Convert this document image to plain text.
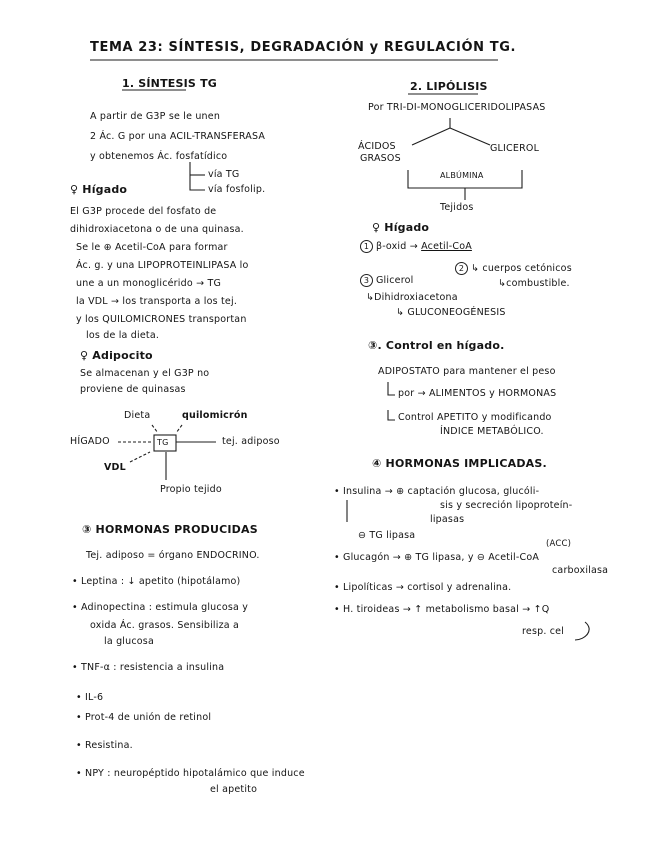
TEMA 23: SÍNTESIS, DEGRADACIÓN y REGULACIÓN TG.
1. SÍNTESIS TG
A partir de G3P se le unen
2 Ác. G por una ACIL-TRANSFERASA
y obtenemos Ác. fosfatídico
vía TG
vía fosfolip.
♀ Hígado
El G3P procede del fosfato de
dihidroxiacetona o de una quinasa.
Se le ⊕ Acetil-CoA para formar
Ác. g. y una LIPOPROTEINLIPASA lo
une a un monoglicérido → TG
la VDL → los transporta a los tej.
y los QUILOMICRONES transportan
los de la dieta.
♀ Adipocito
Se almacenan y el G3P no
proviene de quinasas
Dieta	quilomicrón
HÍGADO	TG	tej. adiposo
VDL
Propio tejido
③ HORMONAS PRODUCIDAS
Tej. adiposo = órgano ENDOCRINO.
• Leptina : ↓ apetito (hipotálamo)
• Adinopectina : estimula glucosa y
oxida Ác. grasos. Sensibiliza a
la glucosa
• TNF-α : resistencia a insulina
• IL-6
• Prot-4 de unión de retinol
• Resistina.
• NPY : neuropéptido hipotalámico que induce
el apetito
2. LIPÓLISIS
Por TRI-DI-MONOGLICERIDOLIPASAS
ÁCIDOS
GRASOS
GLICEROL
ALBÚMINA
Tejidos
♀ Hígado
1 β-oxid → Acetil-CoA
2 ↳ cuerpos cetónicos
↳combustible.
3 Glicerol
↳Dihidroxiacetona
↳ GLUCONEOGÉNESIS
③. Control en hígado.
ADIPOSTATO para mantener el peso
por → ALIMENTOS y HORMONAS
Control APETITO y modificando
ÍNDICE METABÓLICO.
④ HORMONAS IMPLICADAS.
• Insulina → ⊕ captación glucosa, glucóli-
sis y secreción lipoproteín-
lipasas
⊖ TG lipasa
(ACC)
• Glucagón → ⊕ TG lipasa, y ⊖ Acetil-CoA
carboxilasa
• Lipolíticas → cortisol y adrenalina.
• H. tiroideas → ↑ metabolismo basal → ↑Q
resp. cel
